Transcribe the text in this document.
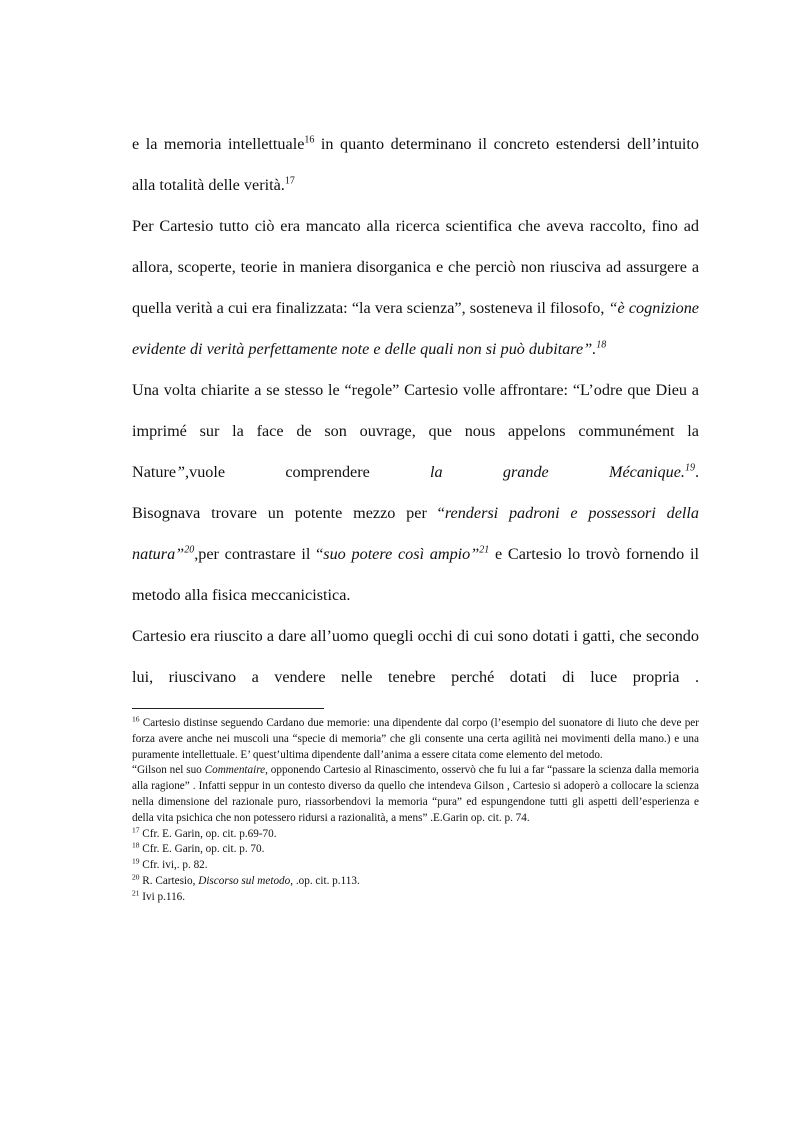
e la memoria intellettuale$^{16}$ in quanto determinano il concreto estendersi dell’intuito alla totalità delle verità.$^{17}$

Per Cartesio tutto ciò era mancato alla ricerca scientifica che aveva raccolto, fino ad allora, scoperte, teorie in maniera disorganica e che perciò non riusciva ad assurgere a quella verità a cui era finalizzata: “la vera scienza”, sosteneva il filosofo, “è cognizione evidente di verità perfettamente note e delle quali non si può dubitare”.$^{18}$

Una volta chiarite a se stesso le “regole” Cartesio volle affrontare: “L’odre que Dieu a imprimé sur la face de son ouvrage, que nous appelons communément la Nature”,vuole comprendere la grande Mécanique.$^{19}$.

Bisognava trovare un potente mezzo per “rendersi padroni e possessori della natura”$^{20}$,per contrastare il “suo potere così ampio”$^{21}$ e Cartesio lo trovò fornendo il metodo alla fisica meccanicistica.

Cartesio era riuscito a dare all’uomo quegli occhi di cui sono dotati i gatti, che secondo lui, riuscivano a vendere nelle tenebre perché dotati di luce propria .

$^{16}$ Cartesio distinse seguendo Cardano due memorie: una dipendente dal corpo (l’esempio del suonatore di liuto che deve per forza avere anche nei muscoli una “specie di memoria” che gli consente una certa agilità nei movimenti della mano.) e una puramente intellettuale. E’ quest’ultima dipendente dall’anima a essere citata come elemento del metodo.

“Gilson nel suo Commentaire, opponendo Cartesio al Rinascimento, osservò che fu lui a far “passare la scienza dalla memoria alla ragione” . Infatti seppur in un contesto diverso da quello che intendeva Gilson , Cartesio si adoperò a collocare la scienza nella dimensione del razionale puro, riassorbendovi la memoria “pura” ed espungendone tutti gli aspetti dell’esperienza e della vita psichica che non potessero ridursi a razionalità, a mens” .E.Garin op. cit. p. 74.

$^{17}$ Cfr. E. Garin, op. cit. p.69-70.

$^{18}$ Cfr. E. Garin, op. cit. p. 70.

$^{19}$ Cfr. ivi,. p. 82.

$^{20}$ R. Cartesio, Discorso sul metodo, .op. cit. p.113.

$^{21}$ Ivi p.116.
